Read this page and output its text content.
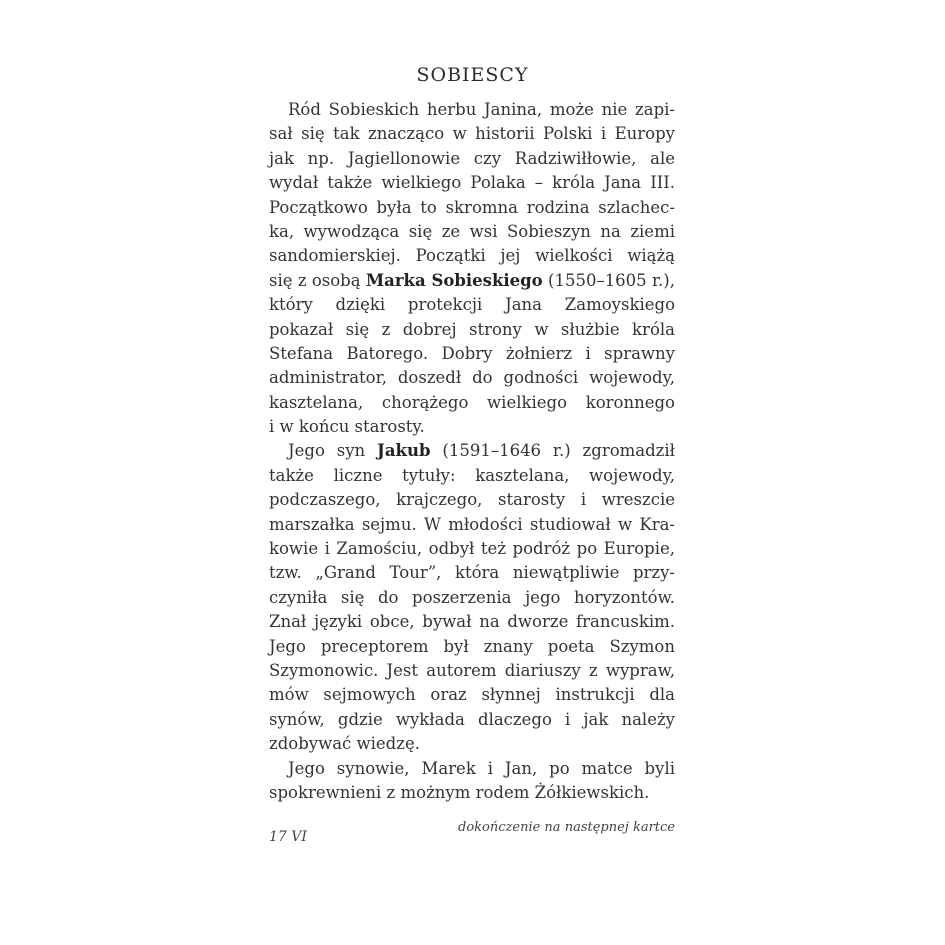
SOBIESCY
Ród Sobieskich herbu Janina, może nie zapi-
sał się tak znacząco w historii Polski i Europy
jak np. Jagiellonowie czy Radziwiłłowie, ale
wydał także wielkiego Polaka – króla Jana III.
Początkowo była to skromna rodzina szlachec-
ka, wywodząca się ze wsi Sobieszyn na ziemi
sandomierskiej. Początki jej wielkości wiążą
się z osobą Marka Sobieskiego (1550–1605 r.),
który dzięki protekcji Jana Zamoyskiego
pokazał się z dobrej strony w służbie króla
Stefana Batorego. Dobry żołnierz i sprawny
administrator, doszedł do godności wojewody,
kasztelana, chorążego wielkiego koronnego
i w końcu starosty.
Jego syn Jakub (1591–1646 r.) zgromadził
także liczne tytuły: kasztelana, wojewody,
podczaszego, krajczego, starosty i wreszcie
marszałka sejmu. W młodości studiował w Kra-
kowie i Zamościu, odbył też podróż po Europie,
tzw. „Grand Tour”, która niewątpliwie przy-
czyniła się do poszerzenia jego horyzontów.
Znał języki obce, bywał na dworze francuskim.
Jego preceptorem był znany poeta Szymon
Szymonowic. Jest autorem diariuszy z wypraw,
mów sejmowych oraz słynnej instrukcji dla
synów, gdzie wykłada dlaczego i jak należy
zdobywać wiedzę.
Jego synowie, Marek i Jan, po matce byli
spokrewnieni z możnym rodem Żółkiewskich.
17 VI
dokończenie na następnej kartce
